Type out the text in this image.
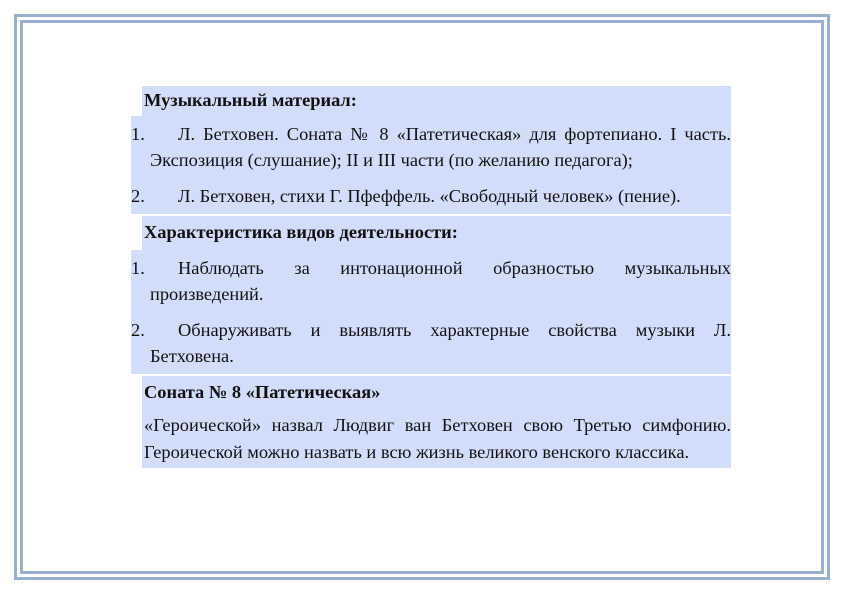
Музыкальный материал:
1.	Л. Бетховен. Соната № 8 «Патетическая» для фортепиано. I часть. Экспозиция (слушание); II и III части (по желанию педагога);
2.	Л. Бетховен, стихи Г. Пфеффель. «Свободный человек» (пение).
Характеристика видов деятельности:
1.	Наблюдать за интонационной образностью музыкальных произведений.
2.	Обнаруживать и выявлять характерные свойства музыки Л. Бетховена.
Соната № 8 «Патетическая»
«Героической» назвал Людвиг ван Бетховен свою Третью симфонию. Героической можно назвать и всю жизнь великого венского классика.
